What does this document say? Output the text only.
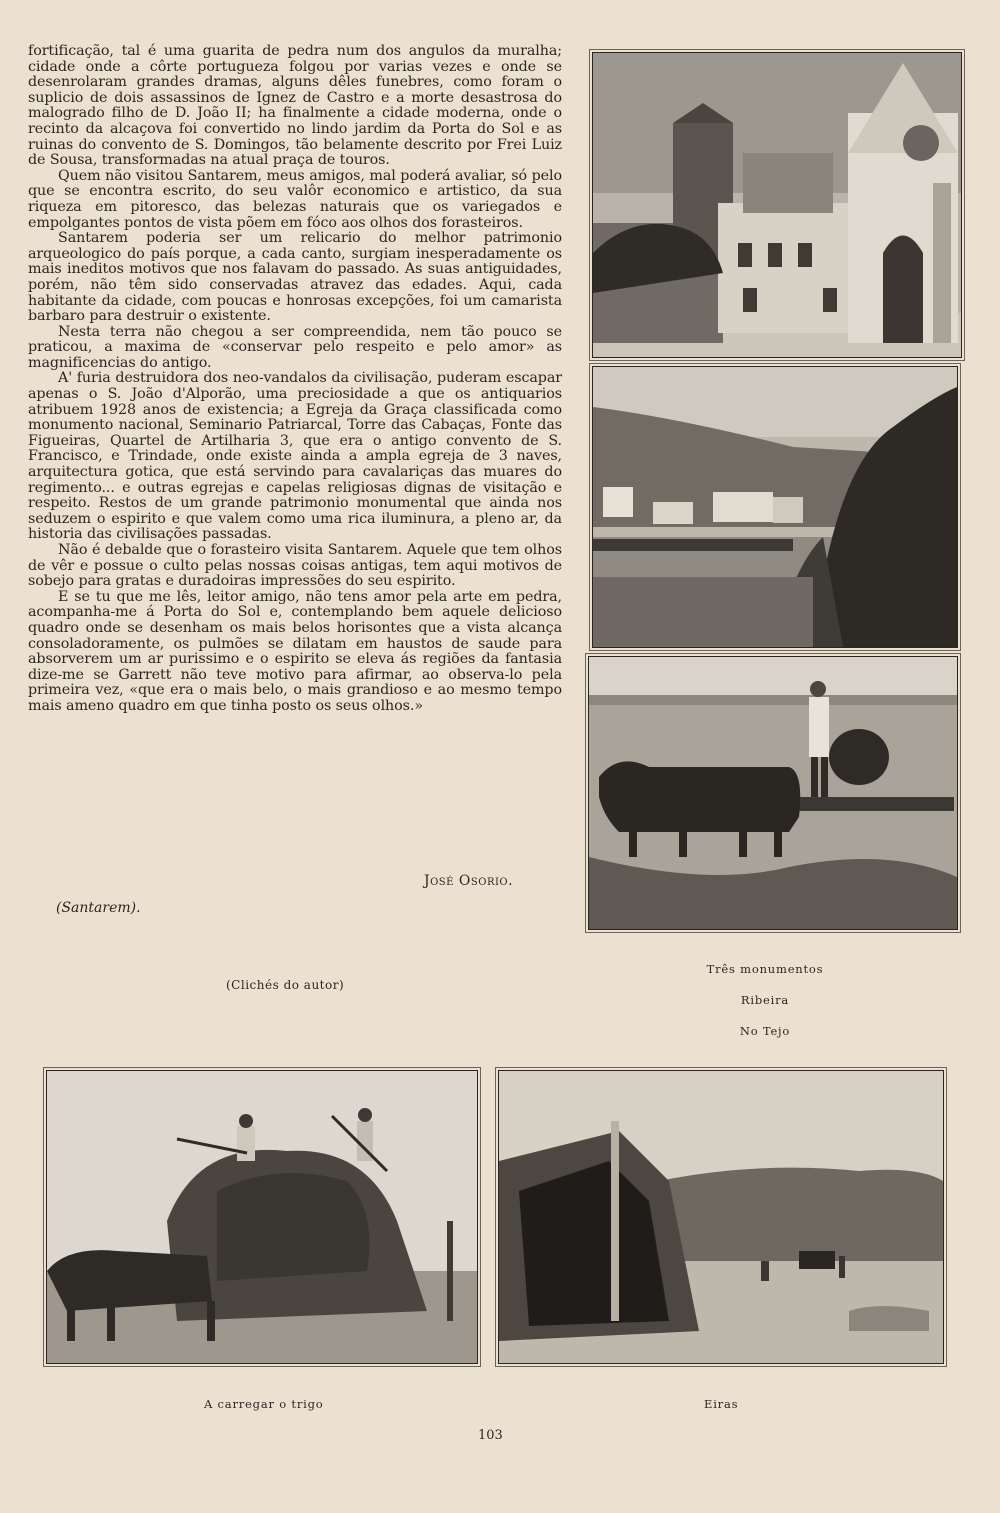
fortificação, tal é uma guarita de pedra num dos angulos da muralha; cidade onde a côrte portugueza folgou por varias vezes e onde se desenrolaram grandes dramas, alguns dêles funebres, como foram o suplicio de dois assassinos de Ignez de Castro e a morte desastrosa do malogrado filho de D. João II; ha finalmente a cidade moderna, onde o recinto da alcaçova foi convertido no lindo jardim da Porta do Sol e as ruinas do convento de S. Domingos, tão belamente descrito por Frei Luiz de Sousa, transformadas na atual praça de touros.

Quem não visitou Santarem, meus amigos, mal poderá avaliar, só pelo que se encontra escrito, do seu valôr economico e artistico, da sua riqueza em pitoresco, das belezas naturais que os variegados e empolgantes pontos de vista põem em fóco aos olhos dos forasteiros.

Santarem poderia ser um relicario do melhor patrimonio arqueologico do país porque, a cada canto, surgiam inesperadamente os mais ineditos motivos que nos falavam do passado. As suas antiguidades, porém, não têm sido conservadas atravez das edades. Aqui, cada habitante da cidade, com poucas e honrosas excepções, foi um camarista barbaro para destruir o existente.

Nesta terra não chegou a ser compreendida, nem tão pouco se praticou, a maxima de «conservar pelo respeito e pelo amor» as magnificencias do antigo.

A' furia destruidora dos neo-vandalos da civilisação, puderam escapar apenas o S. João d'Alporão, uma preciosidade a que os antiquarios atribuem 1928 anos de existencia; a Egreja da Graça classificada como monumento nacional, Seminario Patriarcal, Torre das Cabaças, Fonte das Figueiras, Quartel de Artilharia 3, que era o antigo convento de S. Francisco, e Trindade, onde existe ainda a ampla egreja de 3 naves, arquitectura gotica, que está servindo para cavalariças das muares do regimento... e outras egrejas e capelas religiosas dignas de visitação e respeito. Restos de um grande patrimonio monumental que ainda nos seduzem o espirito e que valem como uma rica iluminura, a pleno ar, da historia das civilisações passadas.

Não é debalde que o forasteiro visita Santarem. Aquele que tem olhos de vêr e possue o culto pelas nossas coisas antigas, tem aqui motivos de sobejo para gratas e duradoiras impressões do seu espirito.

E se tu que me lês, leitor amigo, não tens amor pela arte em pedra, acompanha-me á Porta do Sol e, contemplando bem aquele delicioso quadro onde se desenham os mais belos horisontes que a vista alcança consoladoramente, os pulmões se dilatam em haustos de saude para absorverem um ar purissimo e o espirito se eleva ás regiões da fantasia dize-me se Garrett não teve motivo para afirmar, ao observa-lo pela primeira vez, «que era o mais belo, o mais grandioso e ao mesmo tempo mais ameno quadro em que tinha posto os seus olhos.»

José Osorio.
(Santarem).
(Clichés do autor)
Três monumentos
Ribeira
No Tejo
A carregar o trigo	Eiras
103
